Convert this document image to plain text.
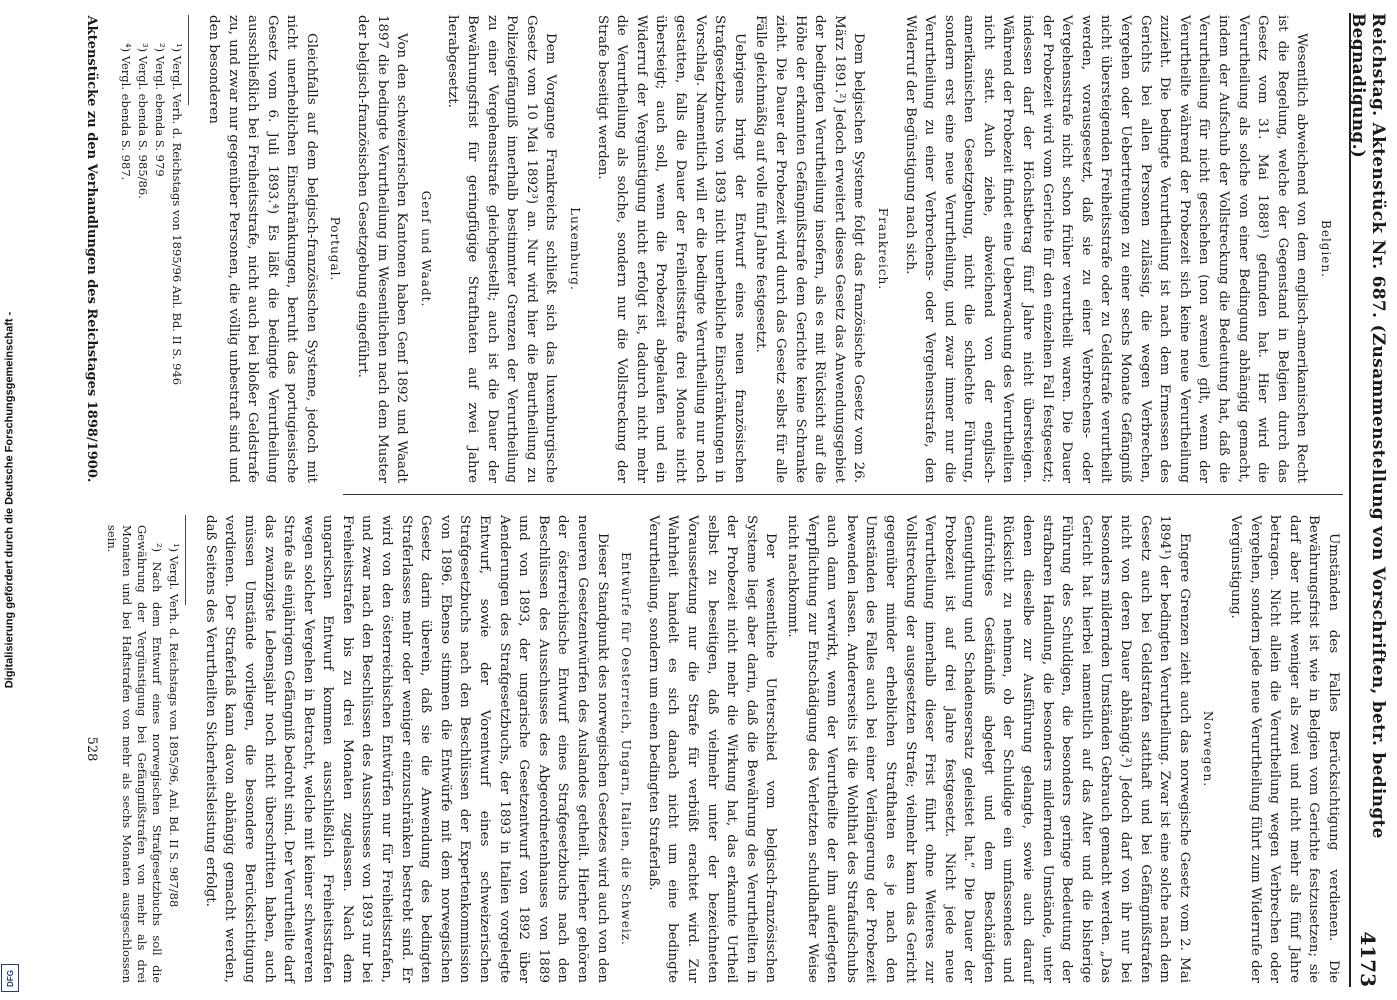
Digitalisierung gefördert durch die Deutsche Forschungsgemeinschaft -
DFG
Reichstag. Aktenstück Nr. 687. (Zusammenstellung von Vorschriften, betr. bedingte Begnadigung.)
4173
Belgien.

Wesentlich abweichend von dem englisch-amerikanischen Recht ist die Regelung, welche der Gegenstand in Belgien durch das Gesetz vom 31. Mai 1888¹) gefunden hat. Hier wird die Verurtheilung als solche von einer Bedingung abhängig gemacht, indem der Aufschub der Vollstreckung die Bedeutung hat, daß die Verurtheilung für nicht geschehen (non avenue) gilt, wenn der Verurtheilte während der Probezeit sich keine neue Verurtheilung zuzieht. Die bedingte Verurtheilung ist nach dem Ermessen des Gerichts bei allen Personen zulässig, die wegen Verbrechen, Vergehen oder Uebertretungen zu einer sechs Monate Gefängniß nicht übersteigenden Freiheitsstrafe oder zu Geldstrafe verurtheilt werden, vorausgesetzt, daß sie zu einer Verbrechens- oder Vergehensstrafe nicht schon früher verurtheilt waren. Die Dauer der Probezeit wird vom Gerichte für den einzelnen Fall festgesetzt; indessen darf der Höchstbetrag fünf Jahre nicht übersteigen. Während der Probezeit findet eine Ueberwachung des Verurtheilten nicht statt. Auch ziehe, abweichend von der englisch-amerikanischen Gesetzgebung, nicht die schlechte Führung, sondern erst eine neue Verurtheilung, und zwar immer nur die Verurtheilung zu einer Verbrechens- oder Vergehensstrafe, den Widerruf der Begünstigung nach sich.

Frankreich.

Dem belgischen Systeme folgt das französische Gesetz vom 26. März 1891.²) Jedoch erweitert dieses Gesetz das Anwendungsgebiet der bedingten Verurtheilung insofern, als es mit Rücksicht auf die Höhe der erkannten Gefängnißstrafe dem Gerichte keine Schranke zieht. Die Dauer der Probezeit wird durch das Gesetz selbst für alle Fälle gleichmäßig auf volle fünf Jahre festgesetzt.

Uebrigens bringt der Entwurf eines neuen französischen Strafgesetzbuchs von 1893 nicht unerhebliche Einschränkungen in Vorschlag. Namentlich will er die bedingte Verurtheilung nur noch gestatten, falls die Dauer der Freiheitsstrafe drei Monate nicht übersteigt; auch soll, wenn die Probezeit abgelaufen und ein Widerruf der Vergünstigung nicht erfolgt ist, dadurch nicht mehr die Verurtheilung als solche, sondern nur die Vollstreckung der Strafe beseitigt werden.

Luxemburg.

Dem Vorgange Frankreichs schließt sich das luxemburgische Gesetz vom 10 Mai 1892³) an. Nur wird hier die Beurtheilung zu Polizeigefängniß innerhalb bestimmter Grenzen der Verurtheilung zu einer Vergehensstrafe gleichgestellt; auch ist die Dauer der Bewährungsfrist für geringfügige Strafthaten auf zwei Jahre herabgesetzt.

Genf und Waadt.

Von den schweizerischen Kantonen haben Genf 1892 und Waadt 1897 die bedingte Verurtheilung im Wesentlichen nach dem Muster der belgisch-französischen Gesetzgebung eingeführt.

Portugal.

Gleichfalls auf dem belgisch-französischen Systeme, jedoch mit nicht unerheblichen Einschränkungen, beruht das portugiesische Gesetz vom 6. Juli 1893.⁴) Es läßt die bedingte Verurtheilung ausschließlich bei Freiheitsstrafe, nicht auch bei bloßer Geldstrafe zu, und zwar nur gegenüber Personen, die völlig unbestraft sind und den besonderen

¹) Vergl. Verh. d. Reichstags von 1895/96 Anl. Bd. II S. 946

²) Vergl. ebenda S. 979

³) Vergl. ebenda S. 985/86.

⁴) Vergl. ebenda S. 987.

Umständen des Falles Berücksichtigung verdienen. Die Bewährungsfrist ist wie in Belgien vom Gerichte festzusetzen; sie darf aber nicht weniger als zwei und nicht mehr als fünf Jahre betragen. Nicht allein die Verurtheilung wegen Verbrechen oder Vergehen, sondern jede neue Verurtheilung führt zum Widerrufe der Vergünstigung.

Norwegen.

Engere Grenzen zieht auch das norwegische Gesetz vom 2. Mai 1894¹) der bedingten Verurtheilung. Zwar ist eine solche nach dem Gesetz auch bei Geldstrafen statthaft und bei Gefängnißstrafen nicht von deren Dauer abhängig.²) Jedoch darf von ihr nur bei besonders mildernden Umständen Gebrauch gemacht werden. „Das Gericht hat hierbei namentlich auf das Alter und die bisherige Führung des Schuldigen, die besonders geringe Bedeutung der strafbaren Handlung, die besonders mildernden Umstände, unter denen dieselbe zur Ausführung gelangte, sowie auch darauf Rücksicht zu nehmen, ob der Schuldige ein umfassendes und aufrichtiges Geständniß abgelegt und dem Beschädigten Genugthuung und Schadensersatz geleistet hat.“ Die Dauer der Probezeit ist auf drei Jahre festgesetzt. Nicht jede neue Verurtheilung innerhalb dieser Frist führt ohne Weiteres zur Vollstreckung der ausgesetzten Strafe; vielmehr kann das Gericht gegenüber minder erheblichen Strafthaten es je nach den Umständen des Falles auch bei einer Verlängerung der Probezeit bewenden lassen. Andererseits ist die Wohlthat des Strafaufschubs auch dann verwirkt, wenn der Verurtheilte der ihm auferlegten Verpflichtung zur Entschädigung des Verletzten schuldhafter Weise nicht nachkommt.

Der wesentliche Unterschied vom belgisch-französischen Systeme liegt aber darin, daß die Bewährung des Verurtheilten in der Probezeit nicht mehr die Wirkung hat, das erkannte Urtheil selbst zu beseitigen, daß vielmehr unter der bezeichneten Voraussetzung nur die Strafe für verbüßt erachtet wird. Zur Wahrheit handelt es sich danach nicht um eine bedingte Verurtheilung, sondern um einen bedingten Straferlaß.

Entwürfe für Oesterreich, Ungarn, Italien, die Schweiz.

Dieser Standpunkt des norwegischen Gesetzes wird auch von den neueren Gesetzentwürfen des Auslandes getheilt. Hierher gehören der österreichische Entwurf eines Strafgesetzbuchs nach den Beschlüssen des Ausschusses des Abgeordnetenhauses von 1889 und von 1893, der ungarische Gesetzentwurf von 1892 über Aenderungen des Strafgesetzbuchs, der 1893 in Italien vorgelegte Entwurf, sowie der Vorentwurf eines schweizerischen Strafgesetzbuchs nach den Beschlüssen der Expertenkommission von 1896. Ebenso stimmen die Entwürfe mit dem norwegischen Gesetz darin überein, daß sie die Anwendung des bedingten Straferlasses mehr oder weniger einzuschränken bestrebt sind. Er wird von den österreichischen Entwürfen nur für Freiheitsstrafen, und zwar nach den Beschlüssen des Ausschusses von 1893 nur bei Freiheitsstrafen bis zu drei Monaten zugelassen. Nach dem ungarischen Entwurf kommen ausschließlich Freiheitsstrafen wegen solcher Vergehen in Betracht, welche mit keiner schwereren Strafe als einjährigem Gefängniß bedroht sind. Der Verurtheilte darf das zwanzigste Lebensjahr noch nicht überschritten haben, auch müssen Umstände vorliegen, die besondere Berücksichtigung verdienen. Der Straferlaß kann davon abhängig gemacht werden, daß Seitens des Verurtheilten Sicherheitsleistung erfolgt.

¹) Vergl. Verh. d. Reichstags von 1895/96, Anl. Bd. II S. 987/88

²) Nach dem Entwurf eines norwegischen Strafgesetzbuchs soll die Gewährung der Vergünstigung bei Gefängnißstrafen von mehr als drei Monaten und bei Haftstrafen von mehr als sechs Monaten ausgeschlossen sein.

Aktenstücke zu den Verhandlungen des Reichstages 1898/1900.
528
